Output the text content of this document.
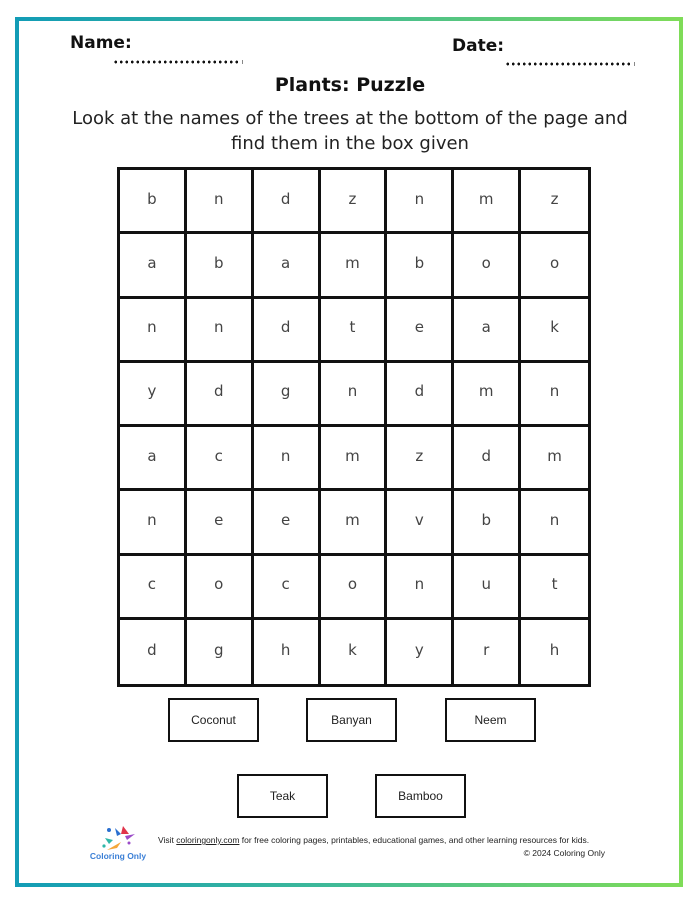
Name:	Date:
Plants: Puzzle
Look at the names of the trees at the bottom of the page and find them in the box given
b	n	d	z	n	m	z
a	b	a	m	b	o	o
n	n	d	t	e	a	k
y	d	g	n	d	m	n
a	c	n	m	z	d	m
n	e	e	m	v	b	n
c	o	c	o	n	u	t
d	g	h	k	y	r	h
Coconut	Banyan	Neem
Teak	Bamboo
Coloring Only
Visit coloringonly.com for free coloring pages, printables, educational games, and other learning resources for kids.
© 2024 Coloring Only
